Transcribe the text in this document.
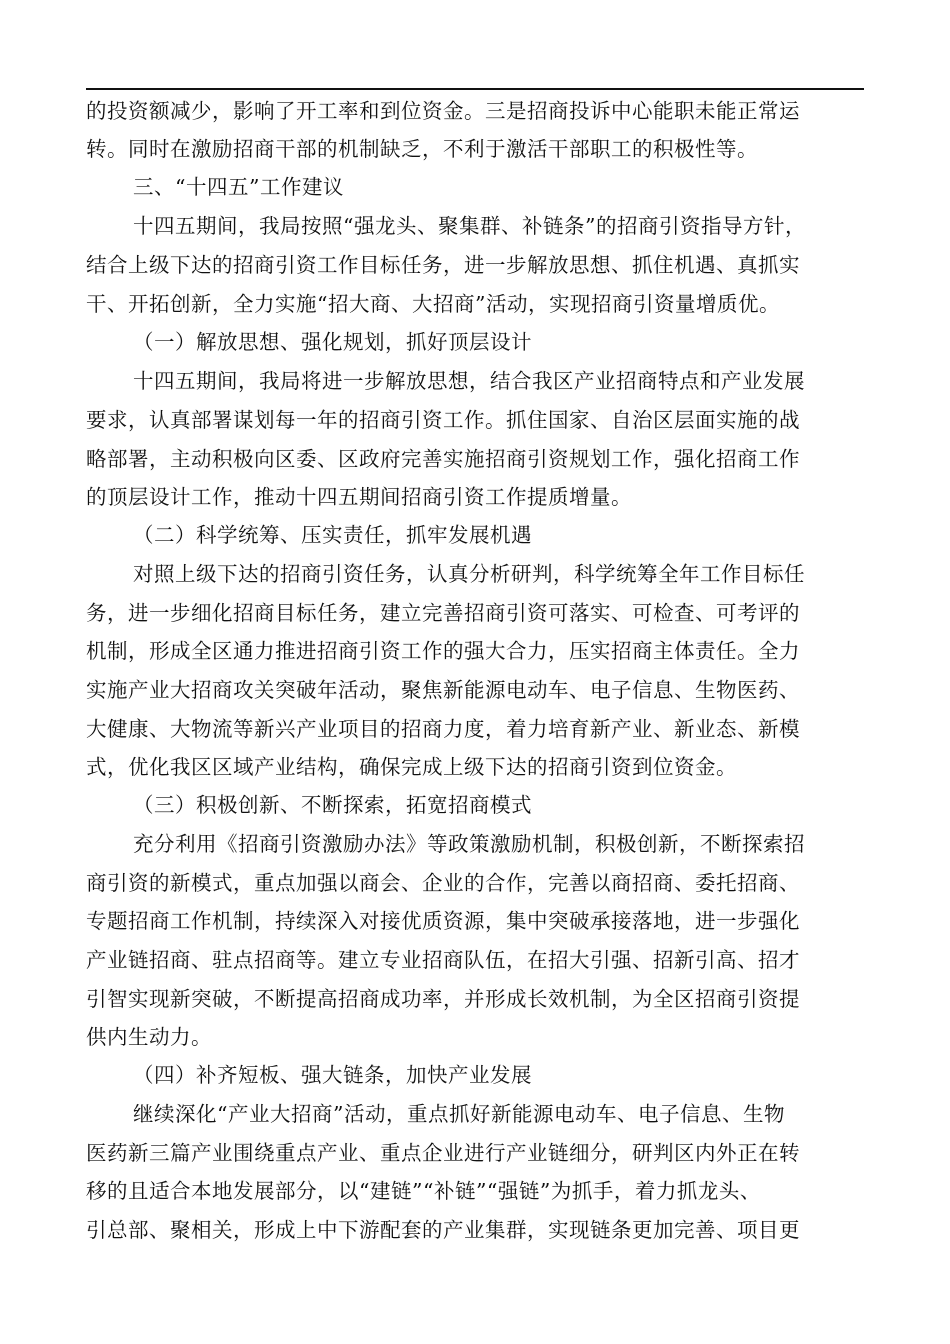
的投资额减少，影响了开工率和到位资金。三是招商投诉中心能职未能正常运
转。同时在激励招商干部的机制缺乏，不利于激活干部职工的积极性等。
三、“十四五”工作建议
十四五期间，我局按照“强龙头、聚集群、补链条”的招商引资指导方针，
结合上级下达的招商引资工作目标任务，进一步解放思想、抓住机遇、真抓实
干、开拓创新，全力实施“招大商、大招商”活动，实现招商引资量增质优。
（一）解放思想、强化规划，抓好顶层设计
十四五期间，我局将进一步解放思想，结合我区产业招商特点和产业发展
要求，认真部署谋划每一年的招商引资工作。抓住国家、自治区层面实施的战
略部署，主动积极向区委、区政府完善实施招商引资规划工作，强化招商工作
的顶层设计工作，推动十四五期间招商引资工作提质增量。
（二）科学统筹、压实责任，抓牢发展机遇
对照上级下达的招商引资任务，认真分析研判，科学统筹全年工作目标任
务，进一步细化招商目标任务，建立完善招商引资可落实、可检查、可考评的
机制，形成全区通力推进招商引资工作的强大合力，压实招商主体责任。全力
实施产业大招商攻关突破年活动，聚焦新能源电动车、电子信息、生物医药、
大健康、大物流等新兴产业项目的招商力度，着力培育新产业、新业态、新模
式，优化我区区域产业结构，确保完成上级下达的招商引资到位资金。
（三）积极创新、不断探索，拓宽招商模式
充分利用《招商引资激励办法》等政策激励机制，积极创新，不断探索招
商引资的新模式，重点加强以商会、企业的合作，完善以商招商、委托招商、
专题招商工作机制，持续深入对接优质资源，集中突破承接落地，进一步强化
产业链招商、驻点招商等。建立专业招商队伍，在招大引强、招新引高、招才
引智实现新突破，不断提高招商成功率，并形成长效机制，为全区招商引资提
供内生动力。
（四）补齐短板、强大链条，加快产业发展
继续深化“产业大招商”活动，重点抓好新能源电动车、电子信息、生物
医药新三篇产业围绕重点产业、重点企业进行产业链细分，研判区内外正在转
移的且适合本地发展部分，以“建链”“补链”“强链”为抓手，着力抓龙头、
引总部、聚相关，形成上中下游配套的产业集群，实现链条更加完善、项目更
